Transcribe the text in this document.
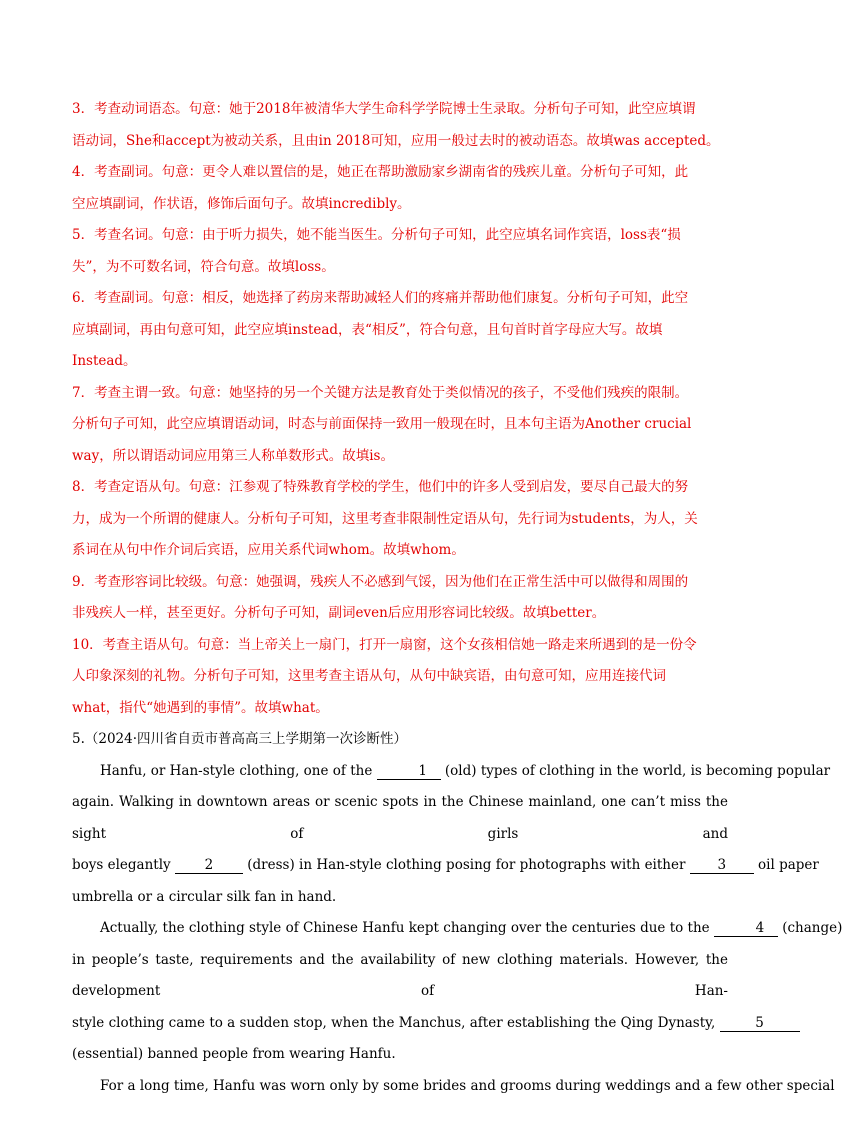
3．考查动词语态。句意：她于2018年被清华大学生命科学学院博士生录取。分析句子可知，此空应填谓

语动词，She和accept为被动关系，且由in 2018可知，应用一般过去时的被动语态。故填was accepted。

4．考查副词。句意：更令人难以置信的是，她正在帮助激励家乡湖南省的残疾儿童。分析句子可知，此

空应填副词，作状语，修饰后面句子。故填incredibly。

5．考查名词。句意：由于听力损失，她不能当医生。分析句子可知，此空应填名词作宾语，loss表“损

失”，为不可数名词，符合句意。故填loss。

6．考查副词。句意：相反，她选择了药房来帮助减轻人们的疼痛并帮助他们康复。分析句子可知，此空

应填副词，再由句意可知，此空应填instead，表“相反”，符合句意，且句首时首字母应大写。故填

Instead。

7．考查主谓一致。句意：她坚持的另一个关键方法是教育处于类似情况的孩子，不受他们残疾的限制。

分析句子可知，此空应填谓语动词，时态与前面保持一致用一般现在时，且本句主语为Another crucial

way，所以谓语动词应用第三人称单数形式。故填is。

8．考查定语从句。句意：江参观了特殊教育学校的学生，他们中的许多人受到启发，要尽自己最大的努

力，成为一个所谓的健康人。分析句子可知，这里考查非限制性定语从句，先行词为students，为人，关

系词在从句中作介词后宾语，应用关系代词whom。故填whom。

9．考查形容词比较级。句意：她强调，残疾人不必感到气馁，因为他们在正常生活中可以做得和周围的

非残疾人一样，甚至更好。分析句子可知，副词even后应用形容词比较级。故填better。

10．考查主语从句。句意：当上帝关上一扇门，打开一扇窗，这个女孩相信她一路走来所遇到的是一份令

人印象深刻的礼物。分析句子可知，这里考查主语从句，从句中缺宾语，由句意可知，应用连接代词

what，指代“她遇到的事情”。故填what。

5.（2024·四川省自贡市普高高三上学期第一次诊断性）

Hanfu, or Han-style clothing, one of the	1 (old) types of clothing in the world, is becoming popular

again. Walking in downtown areas or scenic spots in the Chinese mainland, one can’t miss the sight of girls and

boys elegantly 2 (dress) in Han-style clothing posing for photographs with either 3 oil paper

umbrella or a circular silk fan in hand.

Actually, the clothing style of Chinese Hanfu kept changing over the centuries due to the	4 (change)

in people’s taste, requirements and the availability of new clothing materials. However, the development of Han-

style clothing came to a sudden stop, when the Manchus, after establishing the Qing Dynasty,	5

(essential) banned people from wearing Hanfu.

For a long time, Hanfu was worn only by some brides and grooms during weddings and a few other special
